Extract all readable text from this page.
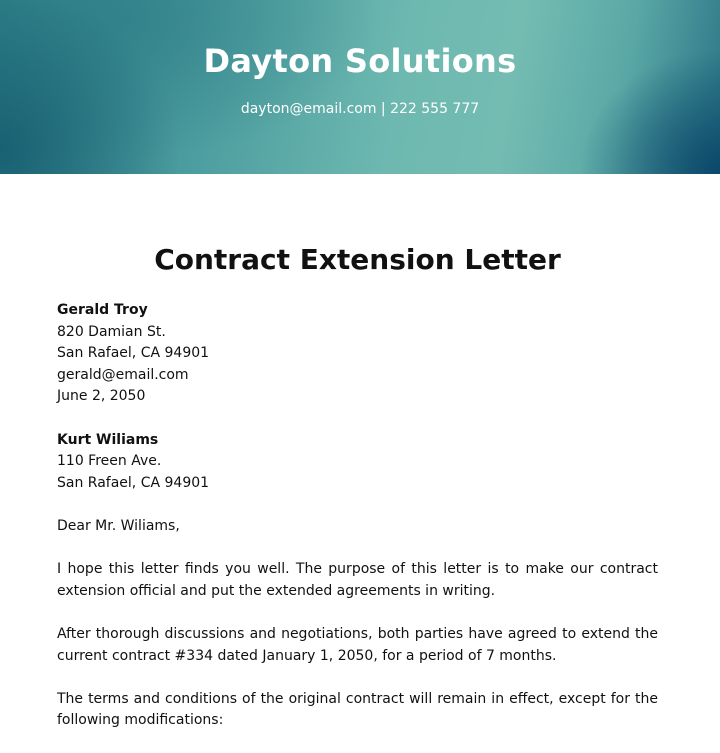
Dayton Solutions
dayton@email.com | 222 555 777
Contract Extension Letter
Gerald Troy
820 Damian St.
San Rafael, CA 94901
gerald@email.com
June 2, 2050
Kurt Wiliams
110 Freen Ave.
San Rafael, CA 94901

Dear Mr. Wiliams,

I hope this letter finds you well. The purpose of this letter is to make our contract extension official and put the extended agreements in writing.

After thorough discussions and negotiations, both parties have agreed to extend the current contract #334 dated January 1, 2050, for a period of 7 months.

The terms and conditions of the original contract will remain in effect, except for the following modifications:
